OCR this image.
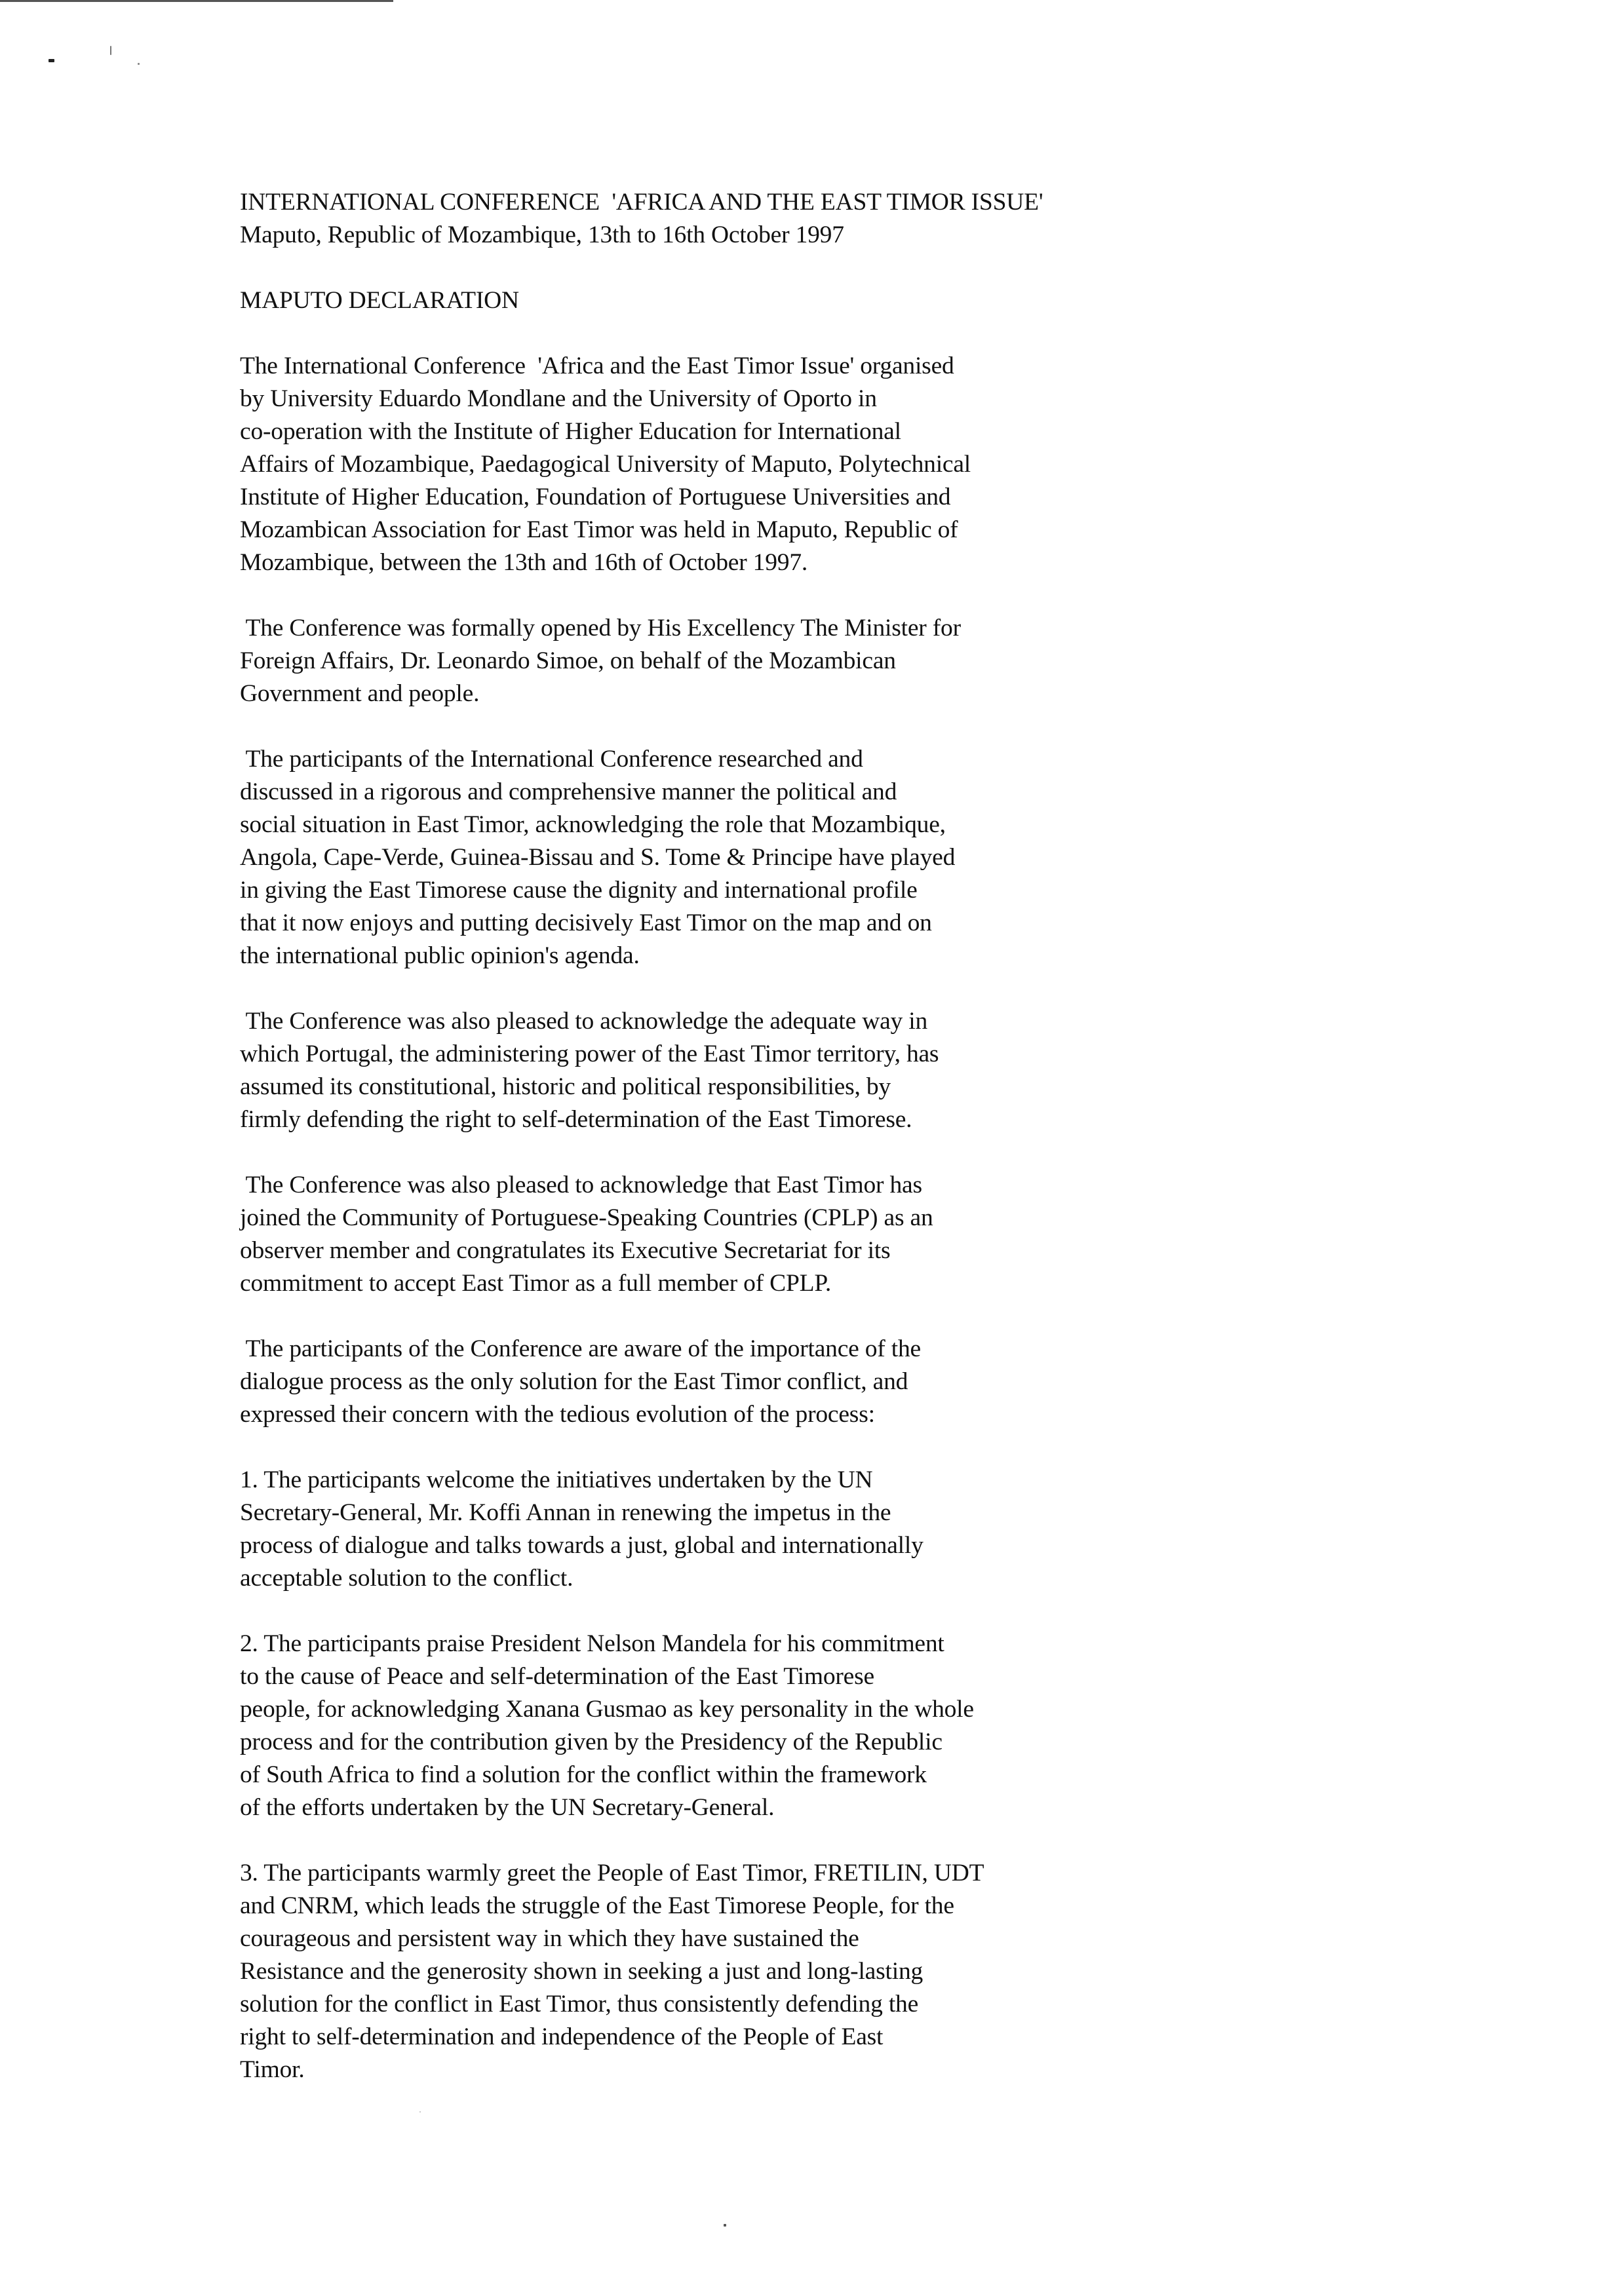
INTERNATIONAL CONFERENCE  'AFRICA AND THE EAST TIMOR ISSUE'
Maputo, Republic of Mozambique, 13th to 16th October 1997
MAPUTO DECLARATION
The International Conference  'Africa and the East Timor Issue' organised
by University Eduardo Mondlane and the University of Oporto in
co-operation with the Institute of Higher Education for International
Affairs of Mozambique, Paedagogical University of Maputo, Polytechnical
Institute of Higher Education, Foundation of Portuguese Universities and
Mozambican Association for East Timor was held in Maputo, Republic of
Mozambique, between the 13th and 16th of October 1997.
The Conference was formally opened by His Excellency The Minister for
Foreign Affairs, Dr. Leonardo Simoe, on behalf of the Mozambican
Government and people.
The participants of the International Conference researched and
discussed in a rigorous and comprehensive manner the political and
social situation in East Timor, acknowledging the role that Mozambique,
Angola, Cape-Verde, Guinea-Bissau and S. Tome & Principe have played
in giving the East Timorese cause the dignity and international profile
that it now enjoys and putting decisively East Timor on the map and on
the international public opinion's agenda.
The Conference was also pleased to acknowledge the adequate way in
which Portugal, the administering power of the East Timor territory, has
assumed its constitutional, historic and political responsibilities, by
firmly defending the right to self-determination of the East Timorese.
The Conference was also pleased to acknowledge that East Timor has
joined the Community of Portuguese-Speaking Countries (CPLP) as an
observer member and congratulates its Executive Secretariat for its
commitment to accept East Timor as a full member of CPLP.
The participants of the Conference are aware of the importance of the
dialogue process as the only solution for the East Timor conflict, and
expressed their concern with the tedious evolution of the process:
1. The participants welcome the initiatives undertaken by the UN
Secretary-General, Mr. Koffi Annan in renewing the impetus in the
process of dialogue and talks towards a just, global and internationally
acceptable solution to the conflict.
2. The participants praise President Nelson Mandela for his commitment
to the cause of Peace and self-determination of the East Timorese
people, for acknowledging Xanana Gusmao as key personality in the whole
process and for the contribution given by the Presidency of the Republic
of South Africa to find a solution for the conflict within the framework
of the efforts undertaken by the UN Secretary-General.
3. The participants warmly greet the People of East Timor, FRETILIN, UDT
and CNRM, which leads the struggle of the East Timorese People, for the
courageous and persistent way in which they have sustained the
Resistance and the generosity shown in seeking a just and long-lasting
solution for the conflict in East Timor, thus consistently defending the
right to self-determination and independence of the People of East
Timor.
